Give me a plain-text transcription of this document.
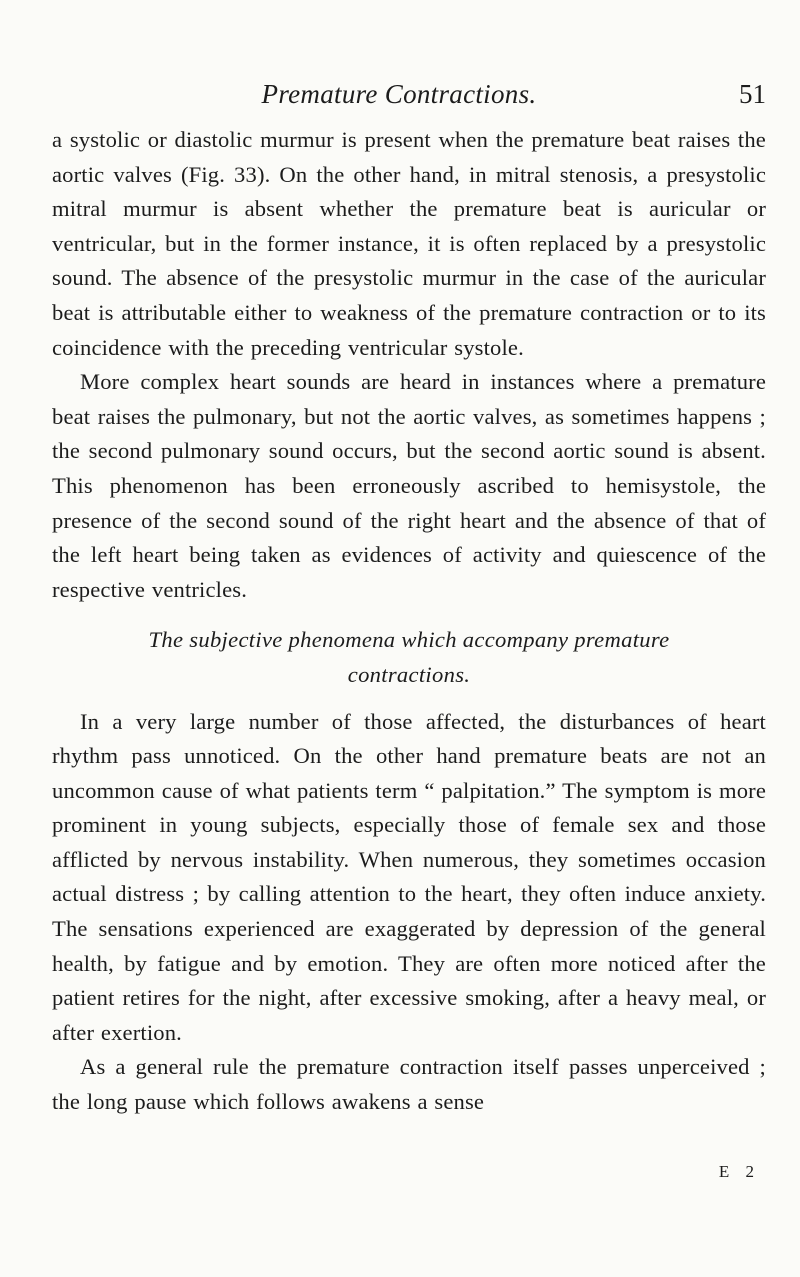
Premature Contractions.	51

a systolic or diastolic murmur is present when the premature beat raises the aortic valves (Fig. 33). On the other hand, in mitral stenosis, a presystolic mitral murmur is absent whether the premature beat is auricular or ventricular, but in the former instance, it is often replaced by a presystolic sound. The absence of the presystolic murmur in the case of the auricular beat is attributable either to weakness of the premature contraction or to its coincidence with the preceding ventricular systole.

More complex heart sounds are heard in instances where a premature beat raises the pulmonary, but not the aortic valves, as sometimes happens ; the second pulmonary sound occurs, but the second aortic sound is absent. This phenomenon has been erroneously ascribed to hemisystole, the presence of the second sound of the right heart and the absence of that of the left heart being taken as evidences of activity and quiescence of the respective ventricles.

The subjective phenomena which accompany premature
contractions.

In a very large number of those affected, the disturbances of heart rhythm pass unnoticed. On the other hand premature beats are not an uncommon cause of what patients term “ palpitation.” The symptom is more prominent in young subjects, especially those of female sex and those afflicted by nervous instability. When numerous, they sometimes occasion actual distress ; by calling attention to the heart, they often induce anxiety. The sensations experienced are exaggerated by depression of the general health, by fatigue and by emotion. They are often more noticed after the patient retires for the night, after excessive smoking, after a heavy meal, or after exertion.

As a general rule the premature contraction itself passes unperceived ; the long pause which follows awakens a sense

E 2
